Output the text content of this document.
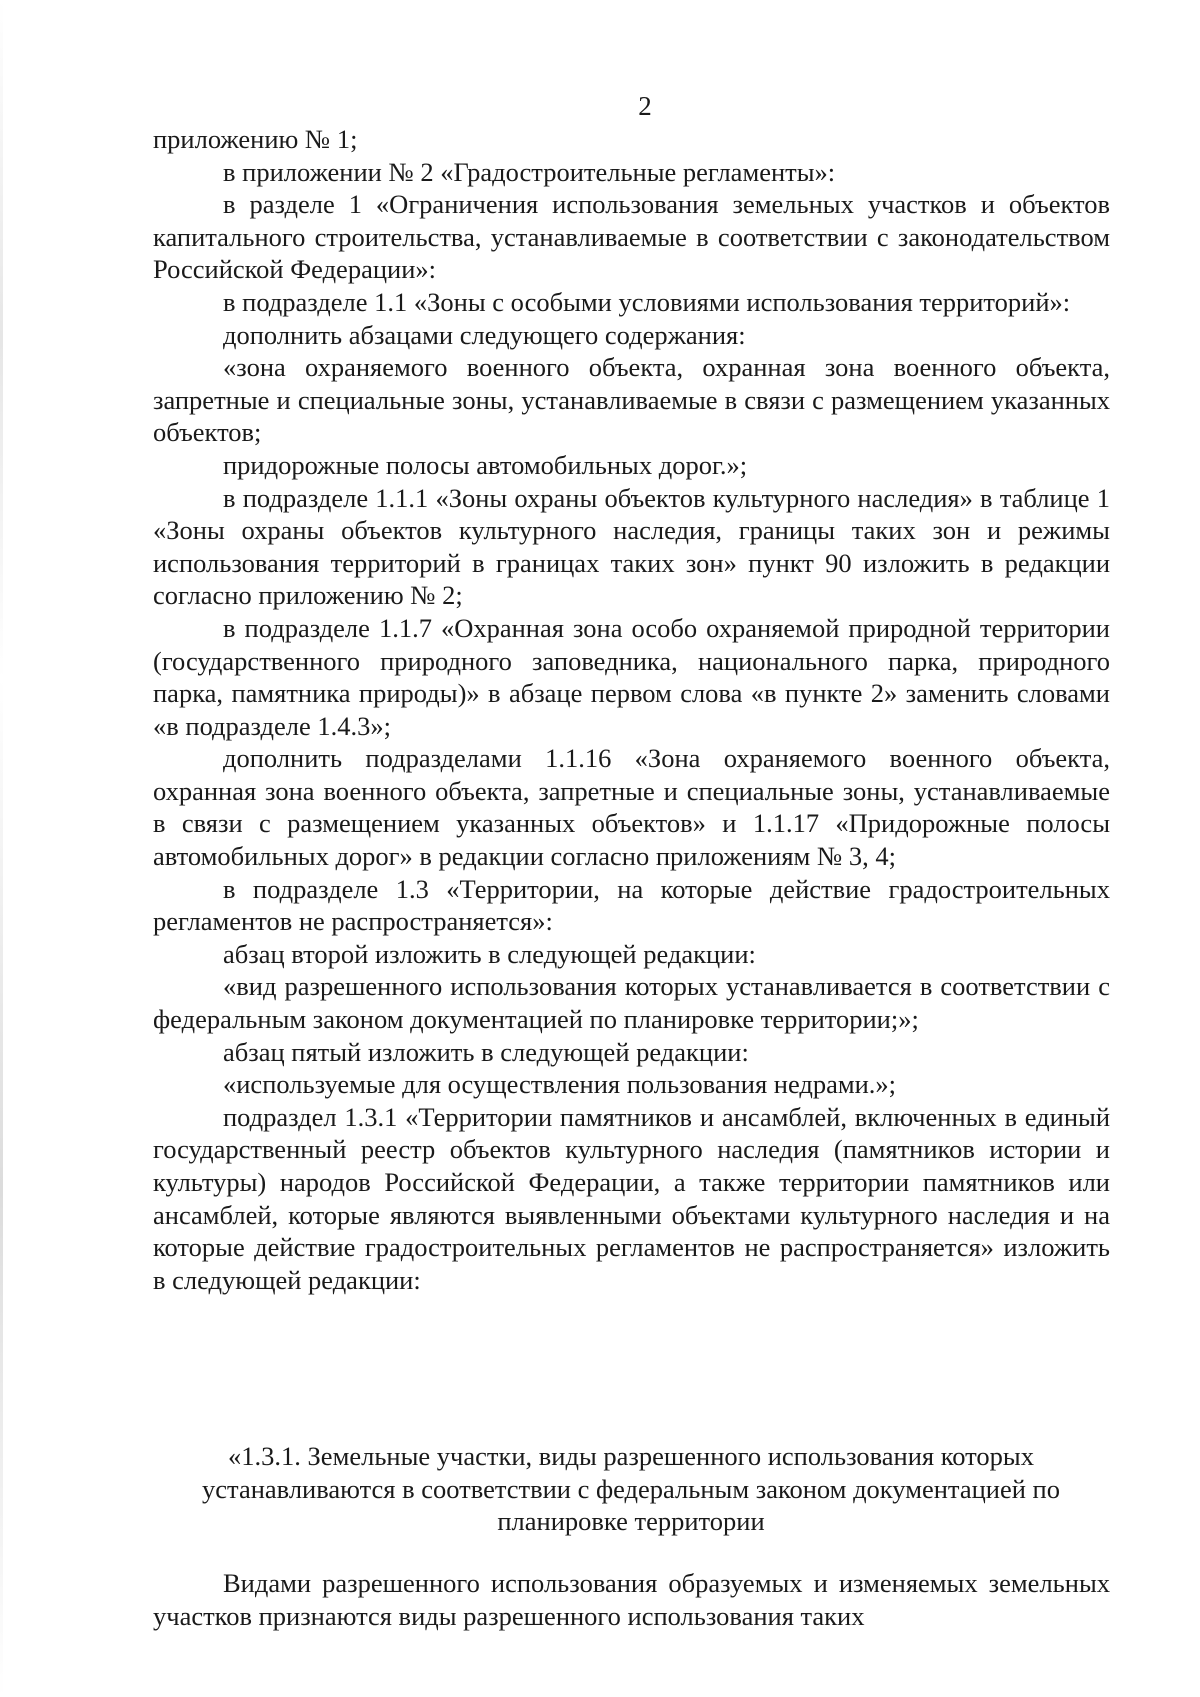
2

приложению № 1;

в приложении № 2 «Градостроительные регламенты»:

в разделе 1 «Ограничения использования земельных участков и объектов капитального строительства, устанавливаемые в соответствии с законодательством Российской Федерации»:

в подразделе 1.1 «Зоны с особыми условиями использования территорий»:

дополнить абзацами следующего содержания:

«зона охраняемого военного объекта, охранная зона военного объекта, запретные и специальные зоны, устанавливаемые в связи с размещением указанных объектов;

придорожные полосы автомобильных дорог.»;

в подразделе 1.1.1 «Зоны охраны объектов культурного наследия» в таблице 1 «Зоны охраны объектов культурного наследия, границы таких зон и режимы использования территорий в границах таких зон» пункт 90 изложить в редакции согласно приложению № 2;

в подразделе 1.1.7 «Охранная зона особо охраняемой природной территории (государственного природного заповедника, национального парка, природного парка, памятника природы)» в абзаце первом слова «в пункте 2» заменить словами «в подразделе 1.4.3»;

дополнить подразделами 1.1.16 «Зона охраняемого военного объекта, охранная зона военного объекта, запретные и специальные зоны, устанавливаемые в связи с размещением указанных объектов» и 1.1.17 «Придорожные полосы автомобильных дорог» в редакции согласно приложениям № 3, 4;

в подразделе 1.3 «Территории, на которые действие градостроительных регламентов не распространяется»:

абзац второй изложить в следующей редакции:

«вид разрешенного использования которых устанавливается в соответствии с федеральным законом документацией по планировке территории;»;

абзац пятый изложить в следующей редакции:

«используемые для осуществления пользования недрами.»;

подраздел 1.3.1 «Территории памятников и ансамблей, включенных в единый государственный реестр объектов культурного наследия (памятников истории и культуры) народов Российской Федерации, а также территории памятников или ансамблей, которые являются выявленными объектами культурного наследия и на которые действие градостроительных регламентов не распространяется» изложить в следующей редакции:

«1.3.1. Земельные участки, виды разрешенного использования которых
устанавливаются в соответствии с федеральным законом документацией по
планировке территории

Видами разрешенного использования образуемых и изменяемых земельных участков признаются виды разрешенного использования таких
